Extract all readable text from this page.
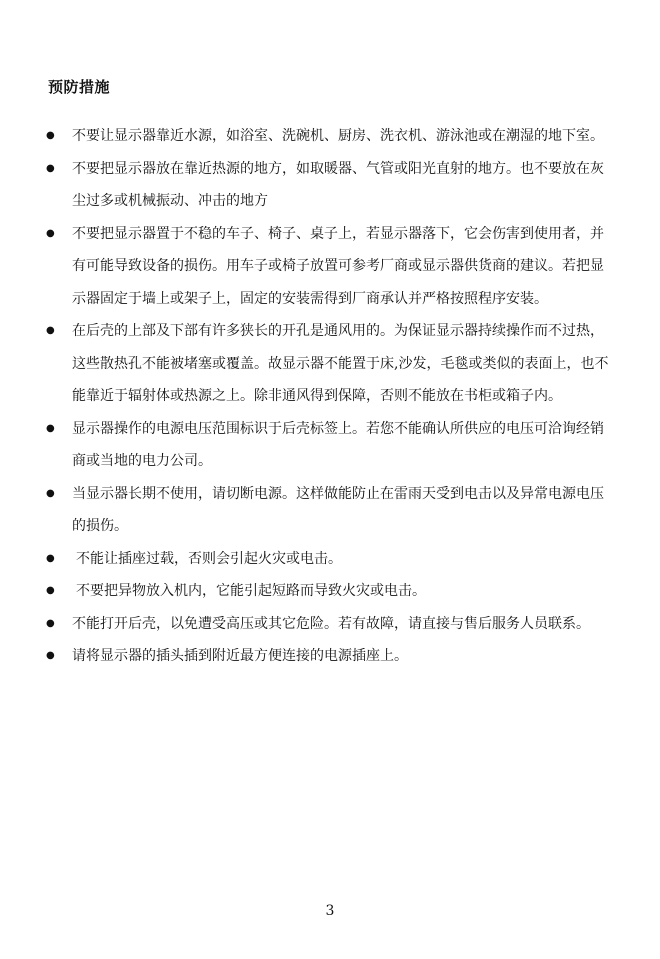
预防措施
● 不要让显示器靠近水源，如浴室、洗碗机、厨房、洗衣机、游泳池或在潮湿的地下室。
● 不要把显示器放在靠近热源的地方，如取暖器、气管或阳光直射的地方。也不要放在灰尘过多或机械振动、冲击的地方
● 不要把显示器置于不稳的车子、椅子、桌子上，若显示器落下，它会伤害到使用者，并有可能导致设备的损伤。用车子或椅子放置可参考厂商或显示器供货商的建议。若把显示器固定于墙上或架子上，固定的安装需得到厂商承认并严格按照程序安装。
● 在后壳的上部及下部有许多狭长的开孔是通风用的。为保证显示器持续操作而不过热，这些散热孔不能被堵塞或覆盖。故显示器不能置于床,沙发，毛毯或类似的表面上，也不能靠近于辐射体或热源之上。除非通风得到保障，否则不能放在书柜或箱子内。
● 显示器操作的电源电压范围标识于后壳标签上。若您不能确认所供应的电压可洽询经销商或当地的电力公司。
● 当显示器长期不使用，请切断电源。这样做能防止在雷雨天受到电击以及异常电源电压的损伤。
● 不能让插座过载，否则会引起火灾或电击。
● 不要把异物放入机内，它能引起短路而导致火灾或电击。
● 不能打开后壳，以免遭受高压或其它危险。若有故障，请直接与售后服务人员联系。
● 请将显示器的插头插到附近最方便连接的电源插座上。
3
